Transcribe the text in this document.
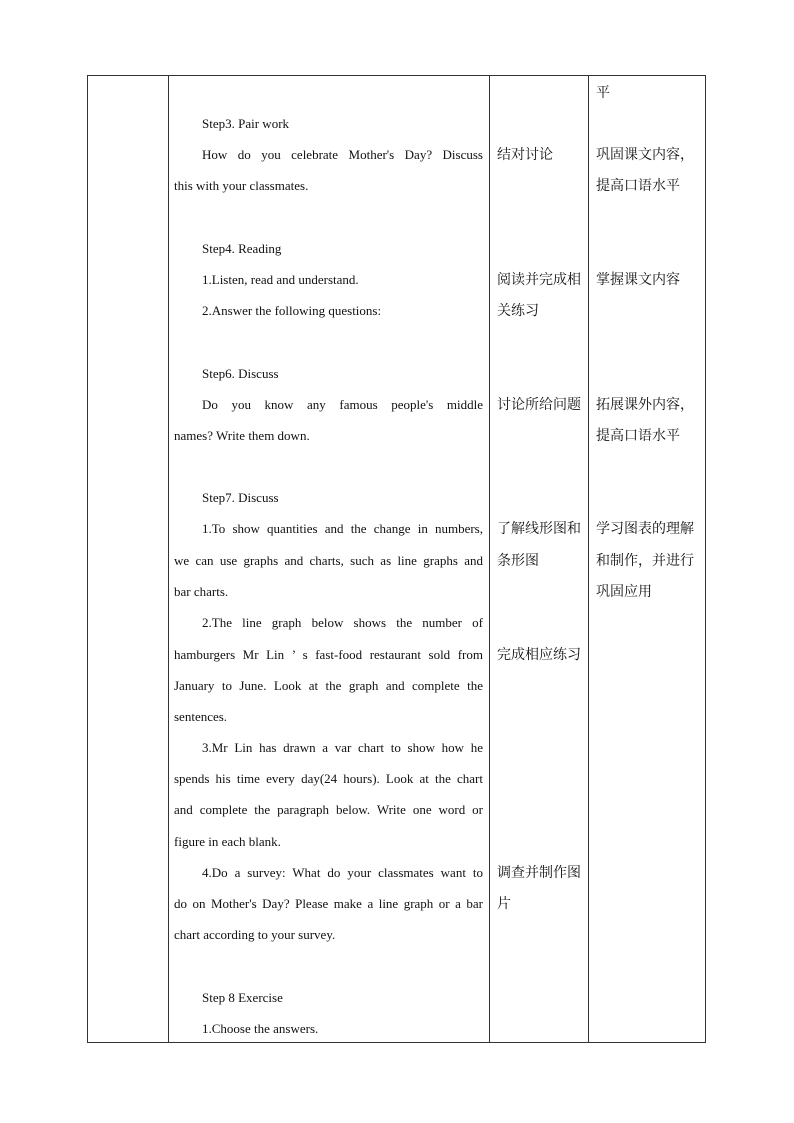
Step3. Pair work
How do you celebrate Mother's Day? Discuss
this with your classmates.
Step4. Reading
1.Listen, read and understand.
2.Answer the following questions:
Step6. Discuss
Do you know any famous people's middle
names? Write them down.
Step7. Discuss
1.To show quantities and the change in numbers,
we can use graphs and charts, such as line graphs and
bar charts.
2.The line graph below shows the number of
hamburgers Mr Lin ’ s fast-food restaurant sold from
January to June. Look at the graph and complete the
sentences.
3.Mr Lin has drawn a var chart to show how he
spends his time every day(24 hours). Look at the chart
and complete the paragraph below. Write one word or
figure in each blank.
4.Do a survey: What do your classmates want to
do on Mother's Day? Please make a line graph or a bar
chart according to your survey.
Step 8 Exercise
1.Choose the answers.
结对讨论
阅读并完成相
关练习
讨论所给问题
了解线形图和
条形图
完成相应练习
调查并制作图
片
平
巩固课文内容，
提高口语水平
掌握课文内容
拓展课外内容，
提高口语水平
学习图表的理解
和制作，并进行
巩固应用
